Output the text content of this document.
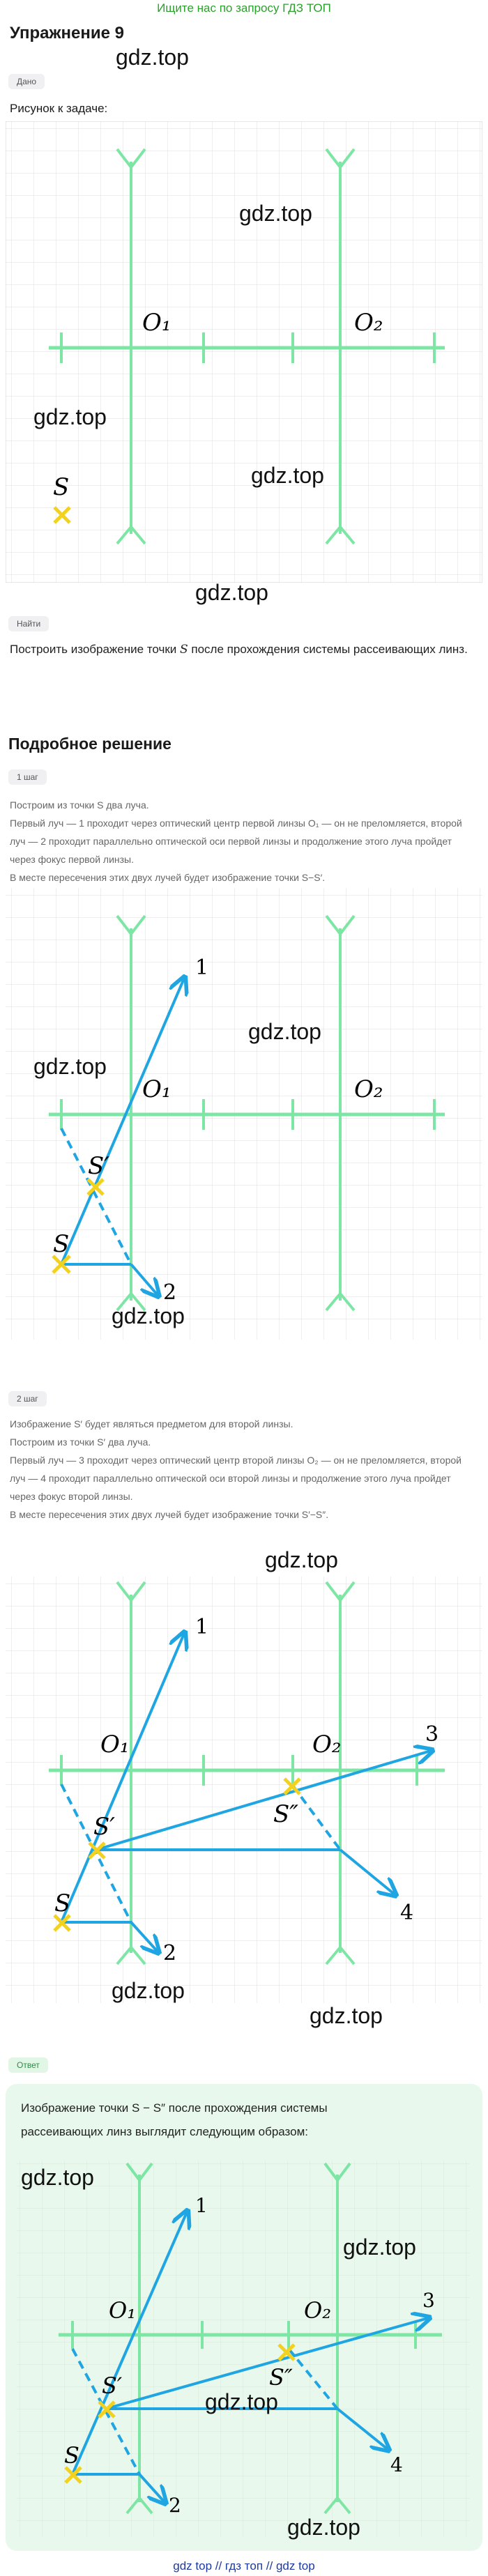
Ищите нас по запросу ГДЗ ТОП
Упражнение 9
gdz.top
Дано
Рисунок к задаче:
O₁	O₂
S
gdz.top
gdz.top
gdz.top
gdz.top
Найти
Построить изображение точки S после прохождения системы рассеивающих линз.
Подробное решение
1 шаг
Построим из точки S два луча.
Первый луч — 1 проходит через оптический центр первой линзы O₁ — он не преломляется, второй луч — 2 проходит параллельно оптической оси первой линзы и продолжение этого луча пройдет через фокус первой линзы.
В месте пересечения этих двух лучей будет изображение точки S−S′.
1
2
O₁	O₂
S
S′
gdz.top
gdz.top
gdz.top
2 шаг
Изображение S′ будет являться предметом для второй линзы.
Построим из точки S′ два луча.
Первый луч — 3 проходит через оптический центр второй линзы O₂ — он не преломляется, второй луч — 4 проходит параллельно оптической оси второй линзы и продолжение этого луча пройдет через фокус второй линзы.
В месте пересечения этих двух лучей будет изображение точки S′−S″.
gdz.top
1
2
3
4
O₁	O₂
S
S′	S″
gdz.top
gdz.top
Ответ
Изображение точки S − S″ после прохождения системы рассеивающих линз выглядит следующим образом:
1
2
3
4
O₁	O₂
S
S′	S″
gdz.top
gdz.top
gdz.top
gdz.top
gdz top // гдз топ // gdz top
